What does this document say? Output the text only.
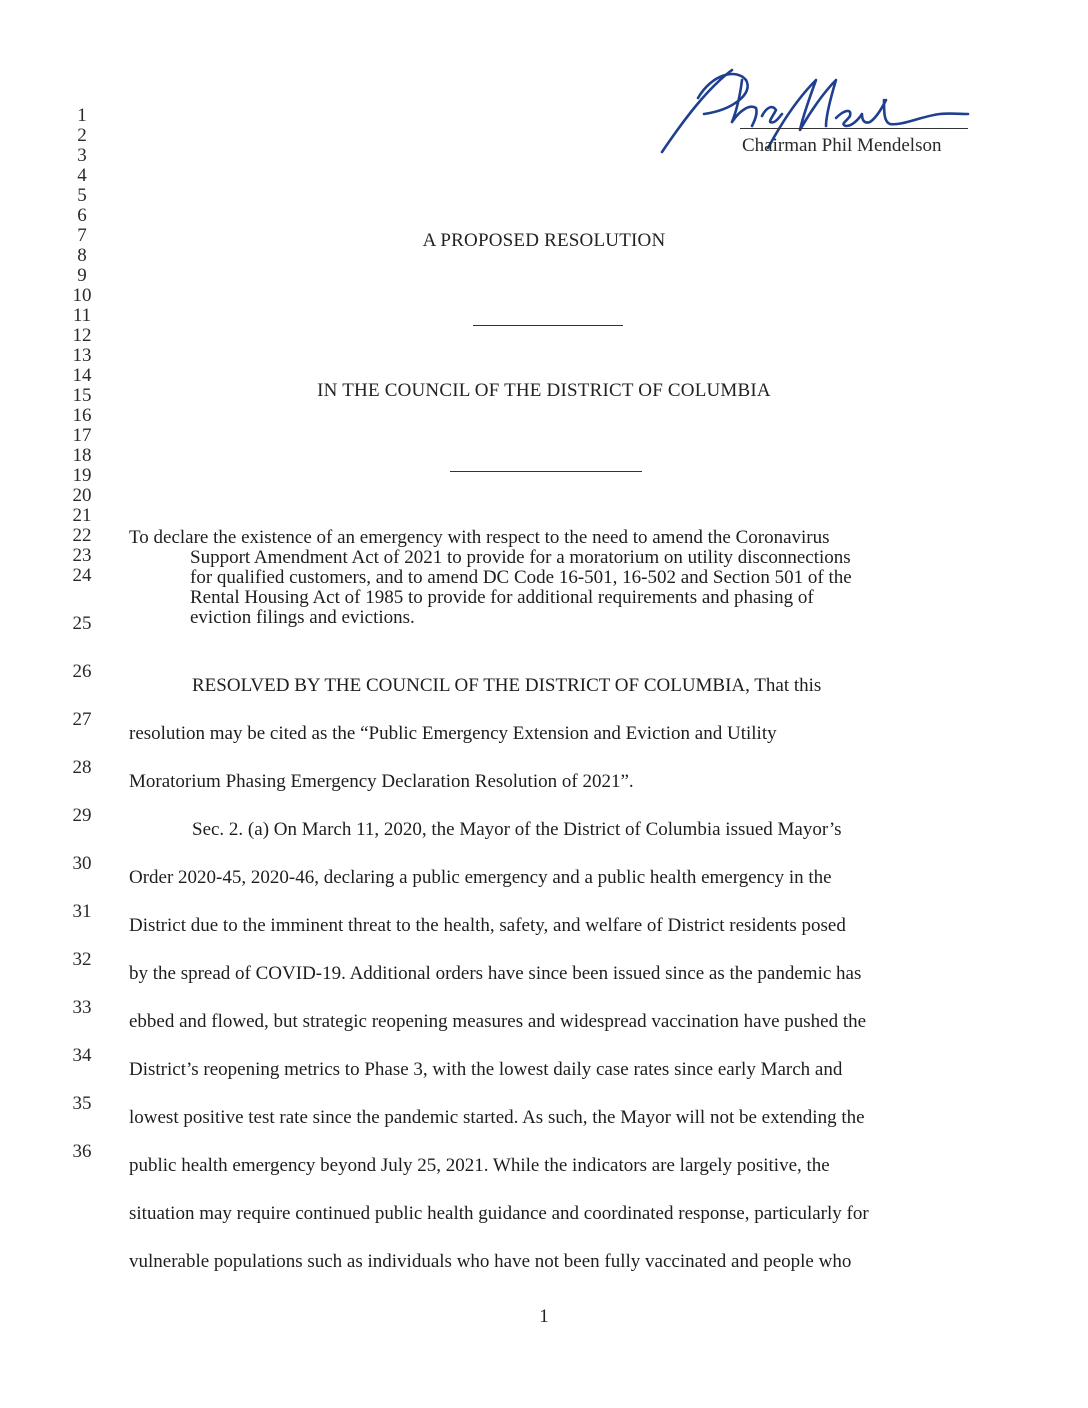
Chairman Phil Mendelson
1
2
3
4
5
6
7
8
9
10
11
12
13
14
15
16
17
18
19
20
21
22
23
24
25
26
27
28
29
30
31
32
33
34
35
36
A PROPOSED RESOLUTION
IN THE COUNCIL OF THE DISTRICT OF COLUMBIA
To declare the existence of an emergency with respect to the need to amend the Coronavirus
Support Amendment Act of 2021 to provide for a moratorium on utility disconnections
for qualified customers, and to amend DC Code 16-501, 16-502 and Section 501 of the
Rental Housing Act of 1985 to provide for additional requirements and phasing of
eviction filings and evictions.
RESOLVED BY THE COUNCIL OF THE DISTRICT OF COLUMBIA, That this
resolution may be cited as the “Public Emergency Extension and Eviction and Utility
Moratorium Phasing Emergency Declaration Resolution of 2021”.
Sec. 2. (a) On March 11, 2020, the Mayor of the District of Columbia issued Mayor’s
Order 2020-45, 2020-46, declaring a public emergency and a public health emergency in the
District due to the imminent threat to the health, safety, and welfare of District residents posed
by the spread of COVID-19. Additional orders have since been issued since as the pandemic has
ebbed and flowed, but strategic reopening measures and widespread vaccination have pushed the
District’s reopening metrics to Phase 3, with the lowest daily case rates since early March and
lowest positive test rate since the pandemic started. As such, the Mayor will not be extending the
public health emergency beyond July 25, 2021. While the indicators are largely positive, the
situation may require continued public health guidance and coordinated response, particularly for
vulnerable populations such as individuals who have not been fully vaccinated and people who
1
